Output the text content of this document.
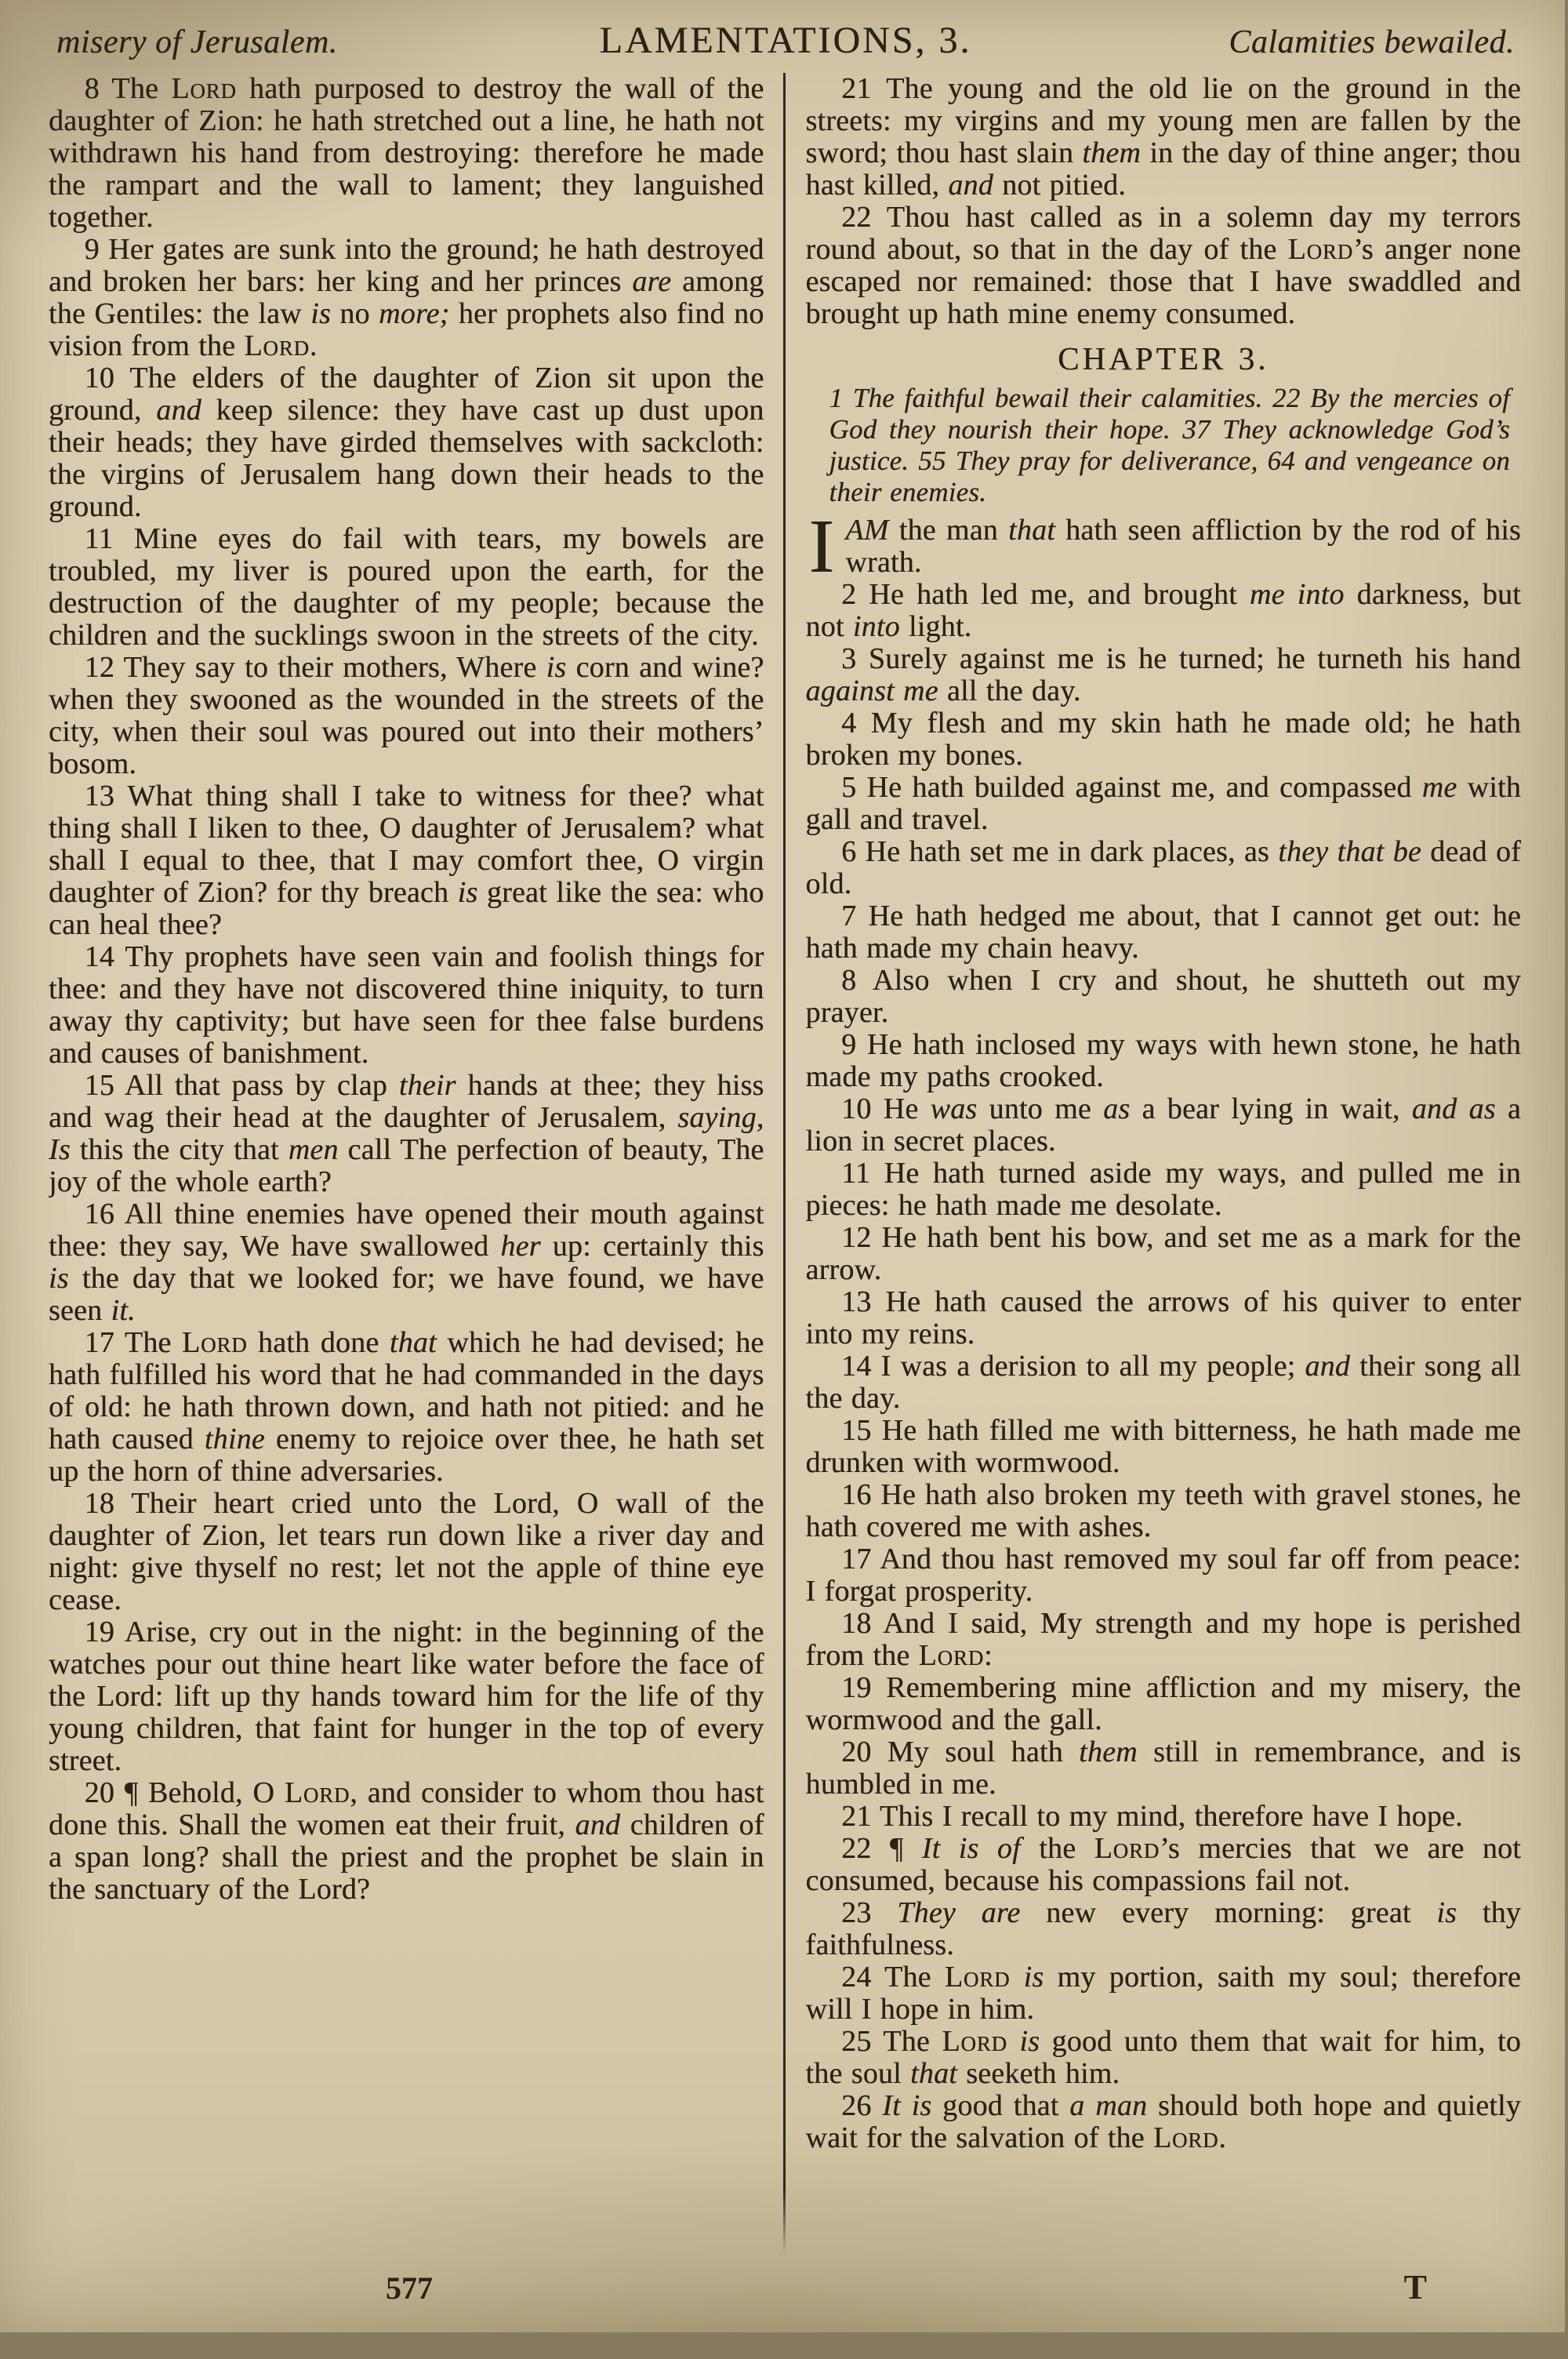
misery of Jerusalem.	LAMENTATIONS, 3.	Calamities bewailed.

8 The Lord hath purposed to destroy the wall of the daughter of Zion: he hath stretched out a line, he hath not withdrawn his hand from destroying: therefore he made the rampart and the wall to lament; they languished together.

9 Her gates are sunk into the ground; he hath destroyed and broken her bars: her king and her princes are among the Gentiles: the law is no more; her prophets also find no vision from the Lord.

10 The elders of the daughter of Zion sit upon the ground, and keep silence: they have cast up dust upon their heads; they have girded themselves with sackcloth: the virgins of Jerusalem hang down their heads to the ground.

11 Mine eyes do fail with tears, my bowels are troubled, my liver is poured upon the earth, for the destruction of the daughter of my people; because the children and the sucklings swoon in the streets of the city.

12 They say to their mothers, Where is corn and wine? when they swooned as the wounded in the streets of the city, when their soul was poured out into their mothers’ bosom.

13 What thing shall I take to witness for thee? what thing shall I liken to thee, O daughter of Jerusalem? what shall I equal to thee, that I may comfort thee, O virgin daughter of Zion? for thy breach is great like the sea: who can heal thee?

14 Thy prophets have seen vain and foolish things for thee: and they have not discovered thine iniquity, to turn away thy captivity; but have seen for thee false burdens and causes of banishment.

15 All that pass by clap their hands at thee; they hiss and wag their head at the daughter of Jerusalem, saying, Is this the city that men call The perfection of beauty, The joy of the whole earth?

16 All thine enemies have opened their mouth against thee: they say, We have swallowed her up: certainly this is the day that we looked for; we have found, we have seen it.

17 The Lord hath done that which he had devised; he hath fulfilled his word that he had commanded in the days of old: he hath thrown down, and hath not pitied: and he hath caused thine enemy to rejoice over thee, he hath set up the horn of thine adversaries.

18 Their heart cried unto the Lord, O wall of the daughter of Zion, let tears run down like a river day and night: give thyself no rest; let not the apple of thine eye cease.

19 Arise, cry out in the night: in the beginning of the watches pour out thine heart like water before the face of the Lord: lift up thy hands toward him for the life of thy young children, that faint for hunger in the top of every street.

20 ¶ Behold, O Lord, and consider to whom thou hast done this. Shall the women eat their fruit, and children of a span long? shall the priest and the prophet be slain in the sanctuary of the Lord?

21 The young and the old lie on the ground in the streets: my virgins and my young men are fallen by the sword; thou hast slain them in the day of thine anger; thou hast killed, and not pitied.

22 Thou hast called as in a solemn day my terrors round about, so that in the day of the Lord’s anger none escaped nor remained: those that I have swaddled and brought up hath mine enemy consumed.

CHAPTER 3.

1 The faithful bewail their calamities. 22 By the mercies of God they nourish their hope. 37 They acknowledge God’s justice. 55 They pray for deliverance, 64 and vengeance on their enemies.

IAM the man that hath seen affliction by the rod of his wrath.

2 He hath led me, and brought me into darkness, but not into light.

3 Surely against me is he turned; he turneth his hand against me all the day.

4 My flesh and my skin hath he made old; he hath broken my bones.

5 He hath builded against me, and compassed me with gall and travel.

6 He hath set me in dark places, as they that be dead of old.

7 He hath hedged me about, that I cannot get out: he hath made my chain heavy.

8 Also when I cry and shout, he shutteth out my prayer.

9 He hath inclosed my ways with hewn stone, he hath made my paths crooked.

10 He was unto me as a bear lying in wait, and as a lion in secret places.

11 He hath turned aside my ways, and pulled me in pieces: he hath made me desolate.

12 He hath bent his bow, and set me as a mark for the arrow.

13 He hath caused the arrows of his quiver to enter into my reins.

14 I was a derision to all my people; and their song all the day.

15 He hath filled me with bitterness, he hath made me drunken with wormwood.

16 He hath also broken my teeth with gravel stones, he hath covered me with ashes.

17 And thou hast removed my soul far off from peace: I forgat prosperity.

18 And I said, My strength and my hope is perished from the Lord:

19 Remembering mine affliction and my misery, the wormwood and the gall.

20 My soul hath them still in remembrance, and is humbled in me.

21 This I recall to my mind, therefore have I hope.

22 ¶ It is of the Lord’s mercies that we are not consumed, because his compassions fail not.

23 They are new every morning: great is thy faithfulness.

24 The Lord is my portion, saith my soul; therefore will I hope in him.

25 The Lord is good unto them that wait for him, to the soul that seeketh him.

26 It is good that a man should both hope and quietly wait for the salvation of the Lord.

577	T
